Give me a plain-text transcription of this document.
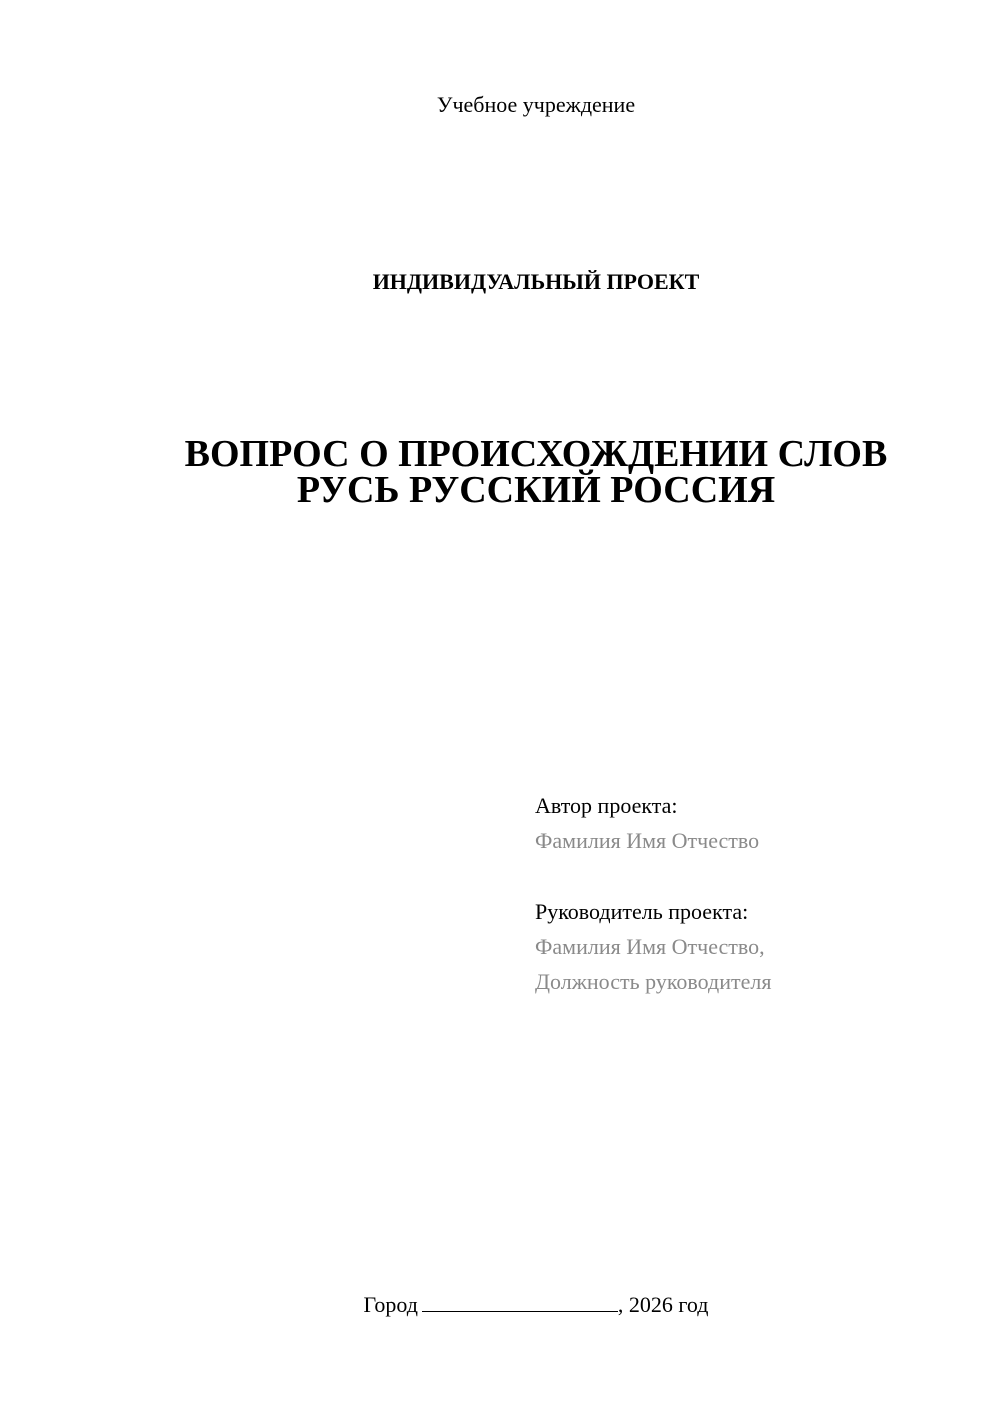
Учебное учреждение
ИНДИВИДУАЛЬНЫЙ ПРОЕКТ
ВОПРОС О ПРОИСХОЖДЕНИИ СЛОВ
РУСЬ РУССКИЙ РОССИЯ
Автор проекта:
Фамилия Имя Отчество
Руководитель проекта:
Фамилия Имя Отчество,
Должность руководителя
Город	, 2026 год
